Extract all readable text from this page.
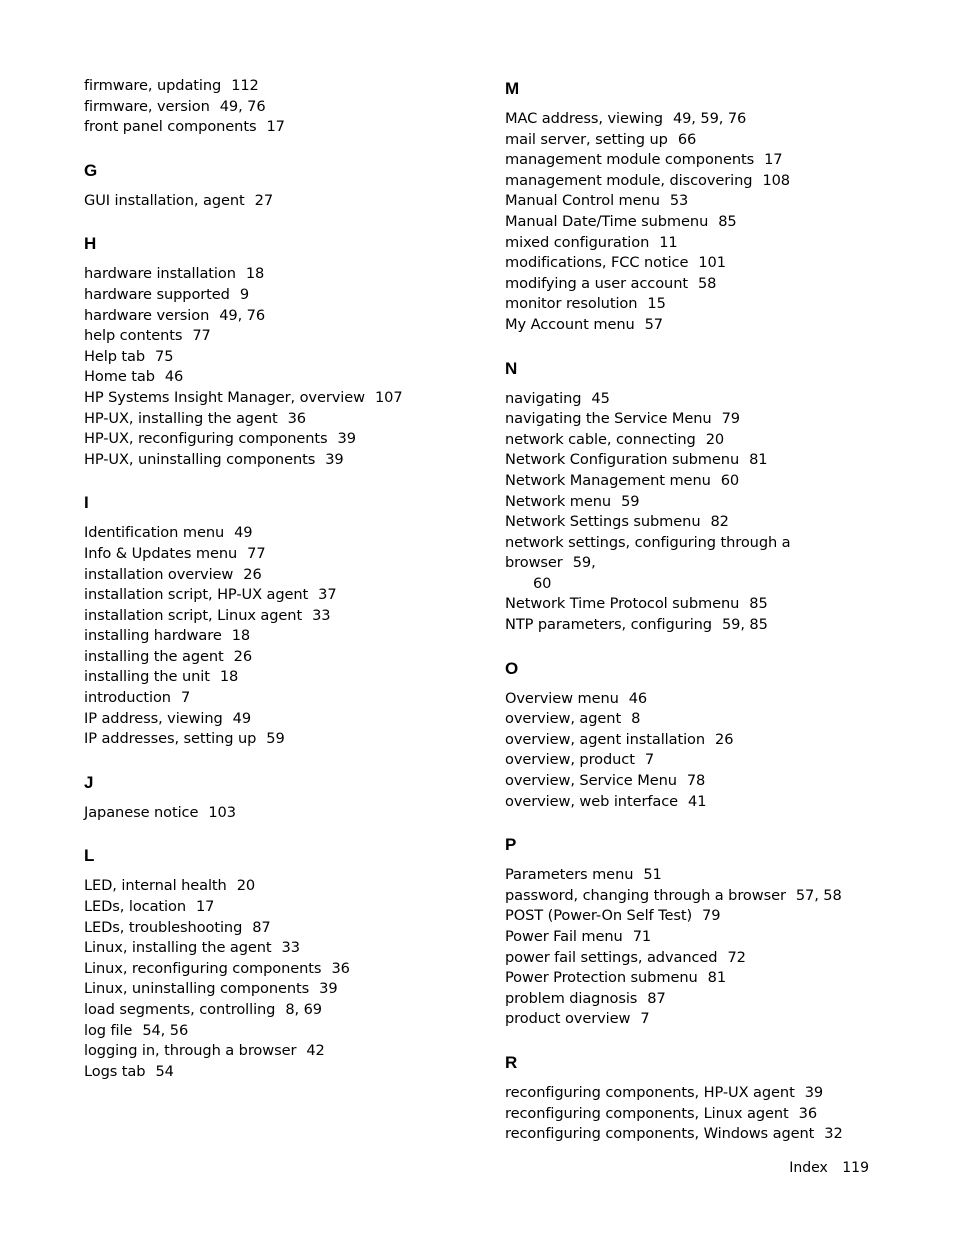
firmware, updating 112
firmware, version 49, 76
front panel components 17
G
GUI installation, agent 27
H
hardware installation 18
hardware supported 9
hardware version 49, 76
help contents 77
Help tab 75
Home tab 46
HP Systems Insight Manager, overview 107
HP-UX, installing the agent 36
HP-UX, reconfiguring components 39
HP-UX, uninstalling components 39
I
Identification menu 49
Info & Updates menu 77
installation overview 26
installation script, HP-UX agent 37
installation script, Linux agent 33
installing hardware 18
installing the agent 26
installing the unit 18
introduction 7
IP address, viewing 49
IP addresses, setting up 59
J
Japanese notice 103
L
LED, internal health 20
LEDs, location 17
LEDs, troubleshooting 87
Linux, installing the agent 33
Linux, reconfiguring components 36
Linux, uninstalling components 39
load segments, controlling 8, 69
log file 54, 56
logging in, through a browser 42
Logs tab 54
M
MAC address, viewing 49, 59, 76
mail server, setting up 66
management module components 17
management module, discovering 108
Manual Control menu 53
Manual Date/Time submenu 85
mixed configuration 11
modifications, FCC notice 101
modifying a user account 58
monitor resolution 15
My Account menu 57
N
navigating 45
navigating the Service Menu 79
network cable, connecting 20
Network Configuration submenu 81
Network Management menu 60
Network menu 59
Network Settings submenu 82
network settings, configuring through a browser 59,
60
Network Time Protocol submenu 85
NTP parameters, configuring 59, 85
O
Overview menu 46
overview, agent 8
overview, agent installation 26
overview, product 7
overview, Service Menu 78
overview, web interface 41
P
Parameters menu 51
password, changing through a browser 57, 58
POST (Power-On Self Test) 79
Power Fail menu 71
power fail settings, advanced 72
Power Protection submenu 81
problem diagnosis 87
product overview 7
R
reconfiguring components, HP-UX agent 39
reconfiguring components, Linux agent 36
reconfiguring components, Windows agent 32
Index 119
